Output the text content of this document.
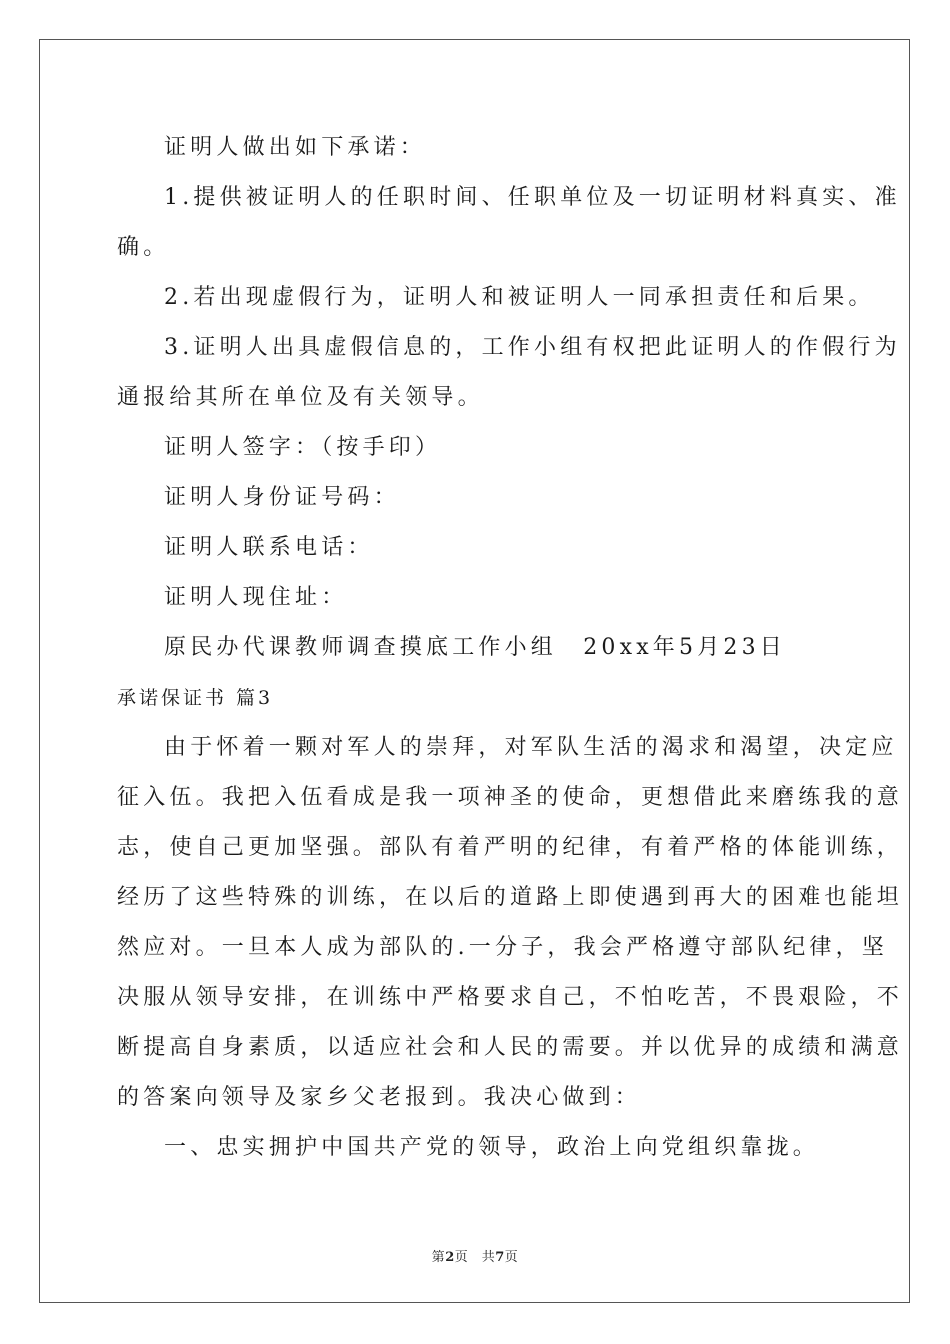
证明人做出如下承诺：
1.提供被证明人的任职时间、任职单位及一切证明材料真实、准
确。
2.若出现虚假行为，证明人和被证明人一同承担责任和后果。
3.证明人出具虚假信息的，工作小组有权把此证明人的作假行为
通报给其所在单位及有关领导。
证明人签字：（按手印）
证明人身份证号码：
证明人联系电话：
证明人现住址：
原民办代课教师调查摸底工作小组　20xx年5月23日
承诺保证书 篇3
由于怀着一颗对军人的崇拜，对军队生活的渴求和渴望，决定应
征入伍。我把入伍看成是我一项神圣的使命，更想借此来磨练我的意
志，使自己更加坚强。部队有着严明的纪律，有着严格的体能训练，
经历了这些特殊的训练，在以后的道路上即使遇到再大的困难也能坦
然应对。一旦本人成为部队的.一分子，我会严格遵守部队纪律，坚
决服从领导安排，在训练中严格要求自己，不怕吃苦，不畏艰险，不
断提高自身素质，以适应社会和人民的需要。并以优异的成绩和满意
的答案向领导及家乡父老报到。我决心做到：
一、忠实拥护中国共产党的领导，政治上向党组织靠拢。
第2页　共7页
